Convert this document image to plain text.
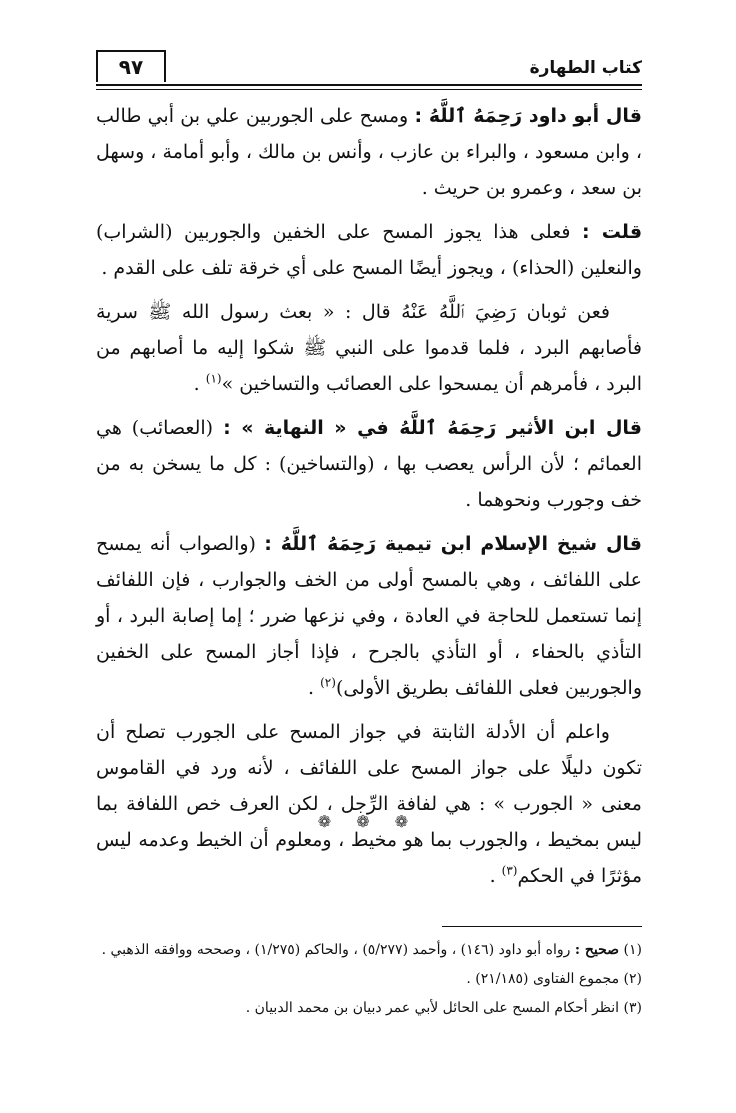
كتاب الطهارة
٩٧

قال أبو داود رَحِمَهُ ٱللَّهُ : ومسح على الجوربين علي بن أبي طالب ، وابن مسعود ، والبراء بن عازب ، وأنس بن مالك ، وأبو أمامة ، وسهل بن سعد ، وعمرو بن حريث .

قلت : فعلى هذا يجوز المسح على الخفين والجوربين (الشراب) والنعلين (الحذاء) ، ويجوز أيضًا المسح على أي خرقة تلف على القدم .

فعن ثوبان رَضِيَ ٱللَّهُ عَنْهُ قال : « بعث رسول الله ﷺ سرية فأصابهم البرد ، فلما قدموا على النبي ﷺ شكوا إليه ما أصابهم من البرد ، فأمرهم أن يمسحوا على العصائب والتساخين »$^{(١)}$ .

قال ابن الأثير رَحِمَهُ ٱللَّهُ في « النهاية » : (العصائب) هي العمائم ؛ لأن الرأس يعصب بها ، (والتساخين) : كل ما يسخن به من خف وجورب ونحوهما .

قال شيخ الإسلام ابن تيمية رَحِمَهُ ٱللَّهُ : (والصواب أنه يمسح على اللفائف ، وهي بالمسح أولى من الخف والجوارب ، فإن اللفائف إنما تستعمل للحاجة في العادة ، وفي نزعها ضرر ؛ إما إصابة البرد ، أو التأذي بالحفاء ، أو التأذي بالجرح ، فإذا أجاز المسح على الخفين والجوربين فعلى اللفائف بطريق الأولى)$^{(٢)}$ .

واعلم أن الأدلة الثابتة في جواز المسح على الجورب تصلح أن تكون دليلًا على جواز المسح على اللفائف ، لأنه ورد في القاموس معنى « الجورب » : هي لفافة الرِّجل ، لكن العرف خص اللفافة بما ليس بمخيط ، والجورب بما هو مخيط ، ومعلوم أن الخيط وعدمه ليس مؤثرًا في الحكم$^{(٣)}$ .

❁ ❁ ❁

(١) صحيح : رواه أبو داود (١٤٦) ، وأحمد (٥/٢٧٧) ، والحاكم (١/٢٧٥) ، وصححه ووافقه الذهبي .

(٢) مجموع الفتاوى (٢١/١٨٥) .

(٣) انظر أحكام المسح على الحائل لأبي عمر دبيان بن محمد الدبيان .
